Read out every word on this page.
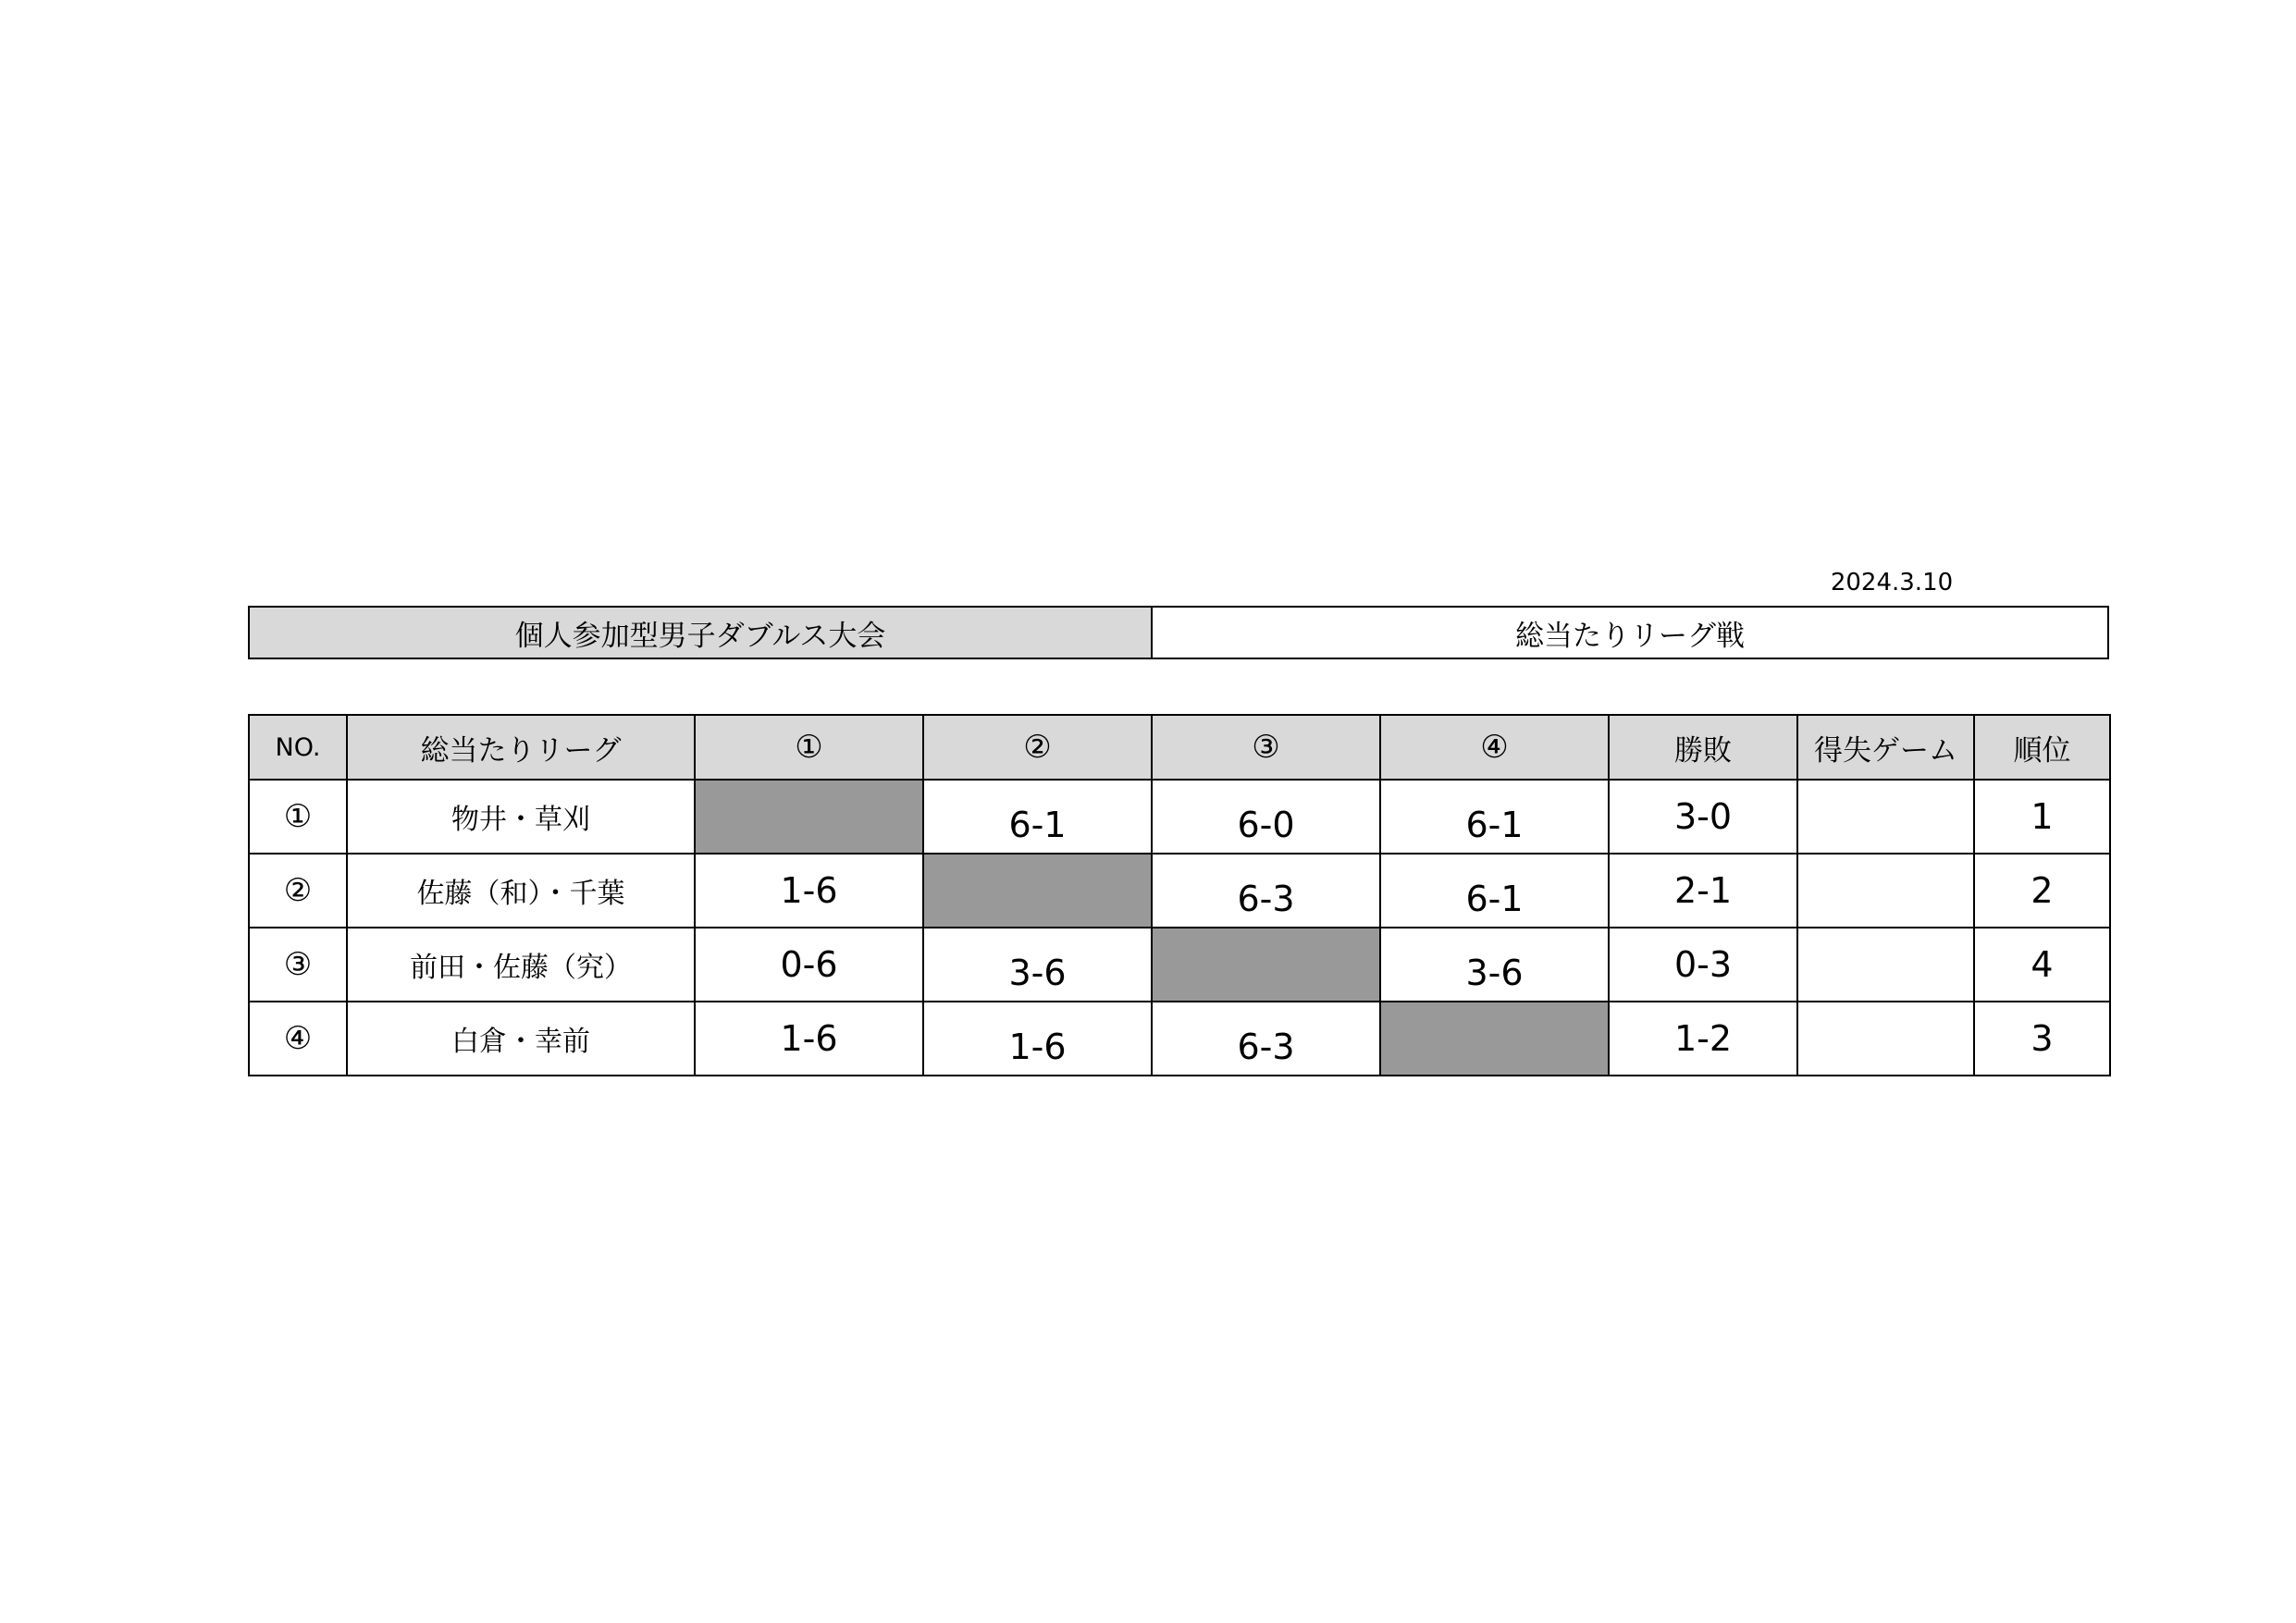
2024.3.10
個人参加型男子ダブルス大会	総当たりリーグ戦
NO.	総当たりリーグ	①	②	③	④	勝敗	得失ゲーム	順位
①	物井・草刈		6-1	6-0	6-1	3-0		1
②	佐藤（和）・千葉	1-6		6-3	6-1	2-1		2
③	前田・佐藤（究）	0-6	3-6		3-6	0-3		4
④	白倉・幸前	1-6	1-6	6-3		1-2		3
